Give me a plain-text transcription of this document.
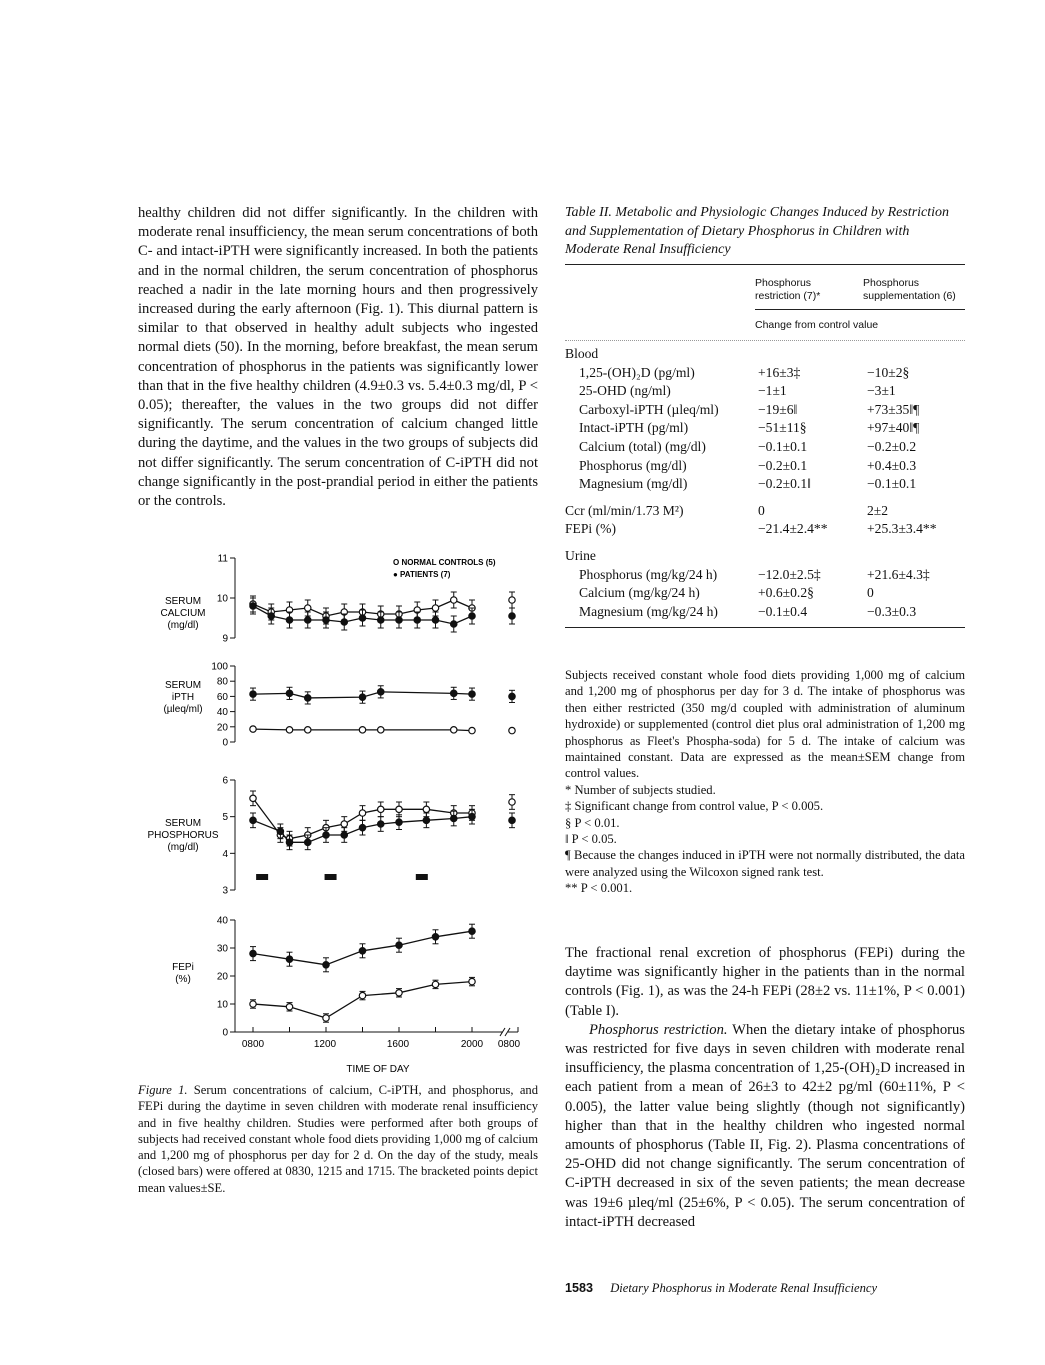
healthy children did not differ significantly. In the children with moderate renal insufficiency, the mean serum concentrations of both C- and intact-iPTH were significantly increased. In both the patients and in the normal children, the serum concentration of phosphorus reached a nadir in the late morning hours and then progressively increased during the early afternoon (Fig. 1). This diurnal pattern is similar to that observed in healthy adult subjects who ingested normal diets (50). In the morning, before breakfast, the mean serum concentration of phosphorus in the patients was significantly lower than that in the five healthy children (4.9±0.3 vs. 5.4±0.3 mg/dl, P < 0.05); thereafter, the values in the two groups did not differ significantly. The serum concentration of calcium changed little during the daytime, and the values in the two groups of subjects did not differ significantly. The serum concentration of C-iPTH did not change significantly in the post-prandial period in either the patients or the controls.
9
10
11
SERUM
CALCIUM
(mg/dl)
0
20
40
60
80
100
SERUM
iPTH
(µleq/ml)
3
4
5
6
SERUM
PHOSPHORUS
(mg/dl)
0
10
20
30
40
FEPi
(%)
O NORMAL CONTROLS (5)
● PATIENTS (7)
0800	1200	1600	2000 0800
TIME OF DAY

Figure 1. Serum concentrations of calcium, C-iPTH, and phosphorus, and FEPi during the daytime in seven children with moderate renal insufficiency and in five healthy children. Studies were performed after both groups of subjects had received constant whole food diets providing 1,000 mg of calcium and 1,200 mg of phosphorus per day for 2 d. On the day of the study, meals (closed bars) were offered at 0830, 1215 and 1715. The bracketed points depict mean values±SE.

Table II. Metabolic and Physiologic Changes Induced by Restriction and Supplementation of Dietary Phosphorus in Children with Moderate Renal Insufficiency

Phosphorus restriction (7)*
Phosphorus supplementation (6)
Change from control value
Blood
1,25-(OH)₂D (pg/ml)	+16±3‡	−10±2§
25-OHD (ng/ml)	−1±1	−3±1
Carboxyl-iPTH (µleq/ml)	−19±6‖	+73±35‖¶
Intact-iPTH (pg/ml)	−51±11§	+97±40‖¶
Calcium (total) (mg/dl)	−0.1±0.1	−0.2±0.2
Phosphorus (mg/dl)	−0.2±0.1	+0.4±0.3
Magnesium (mg/dl)	−0.2±0.1‖	−0.1±0.1
Ccr (ml/min/1.73 M²)	0	2±2
FEPi (%)	−21.4±2.4**	+25.3±3.4**
Urine
Phosphorus (mg/kg/24 h)	−12.0±2.5‡	+21.6±4.3‡
Calcium (mg/kg/24 h)	+0.6±0.2§	0
Magnesium (mg/kg/24 h)	−0.1±0.4	−0.3±0.3

Subjects received constant whole food diets providing 1,000 mg of calcium and 1,200 mg of phosphorus per day for 3 d. The intake of phosphorus was then either restricted (350 mg/d coupled with administration of aluminum hydroxide) or supplemented (control diet plus oral administration of 1,200 mg phosphorus as Fleet's Phospha-soda) for 5 d. The intake of calcium was maintained constant. Data are expressed as the mean±SEM change from control values.

* Number of subjects studied.

‡ Significant change from control value, P < 0.005.

§ P < 0.01.

‖ P < 0.05.

¶ Because the changes induced in iPTH were not normally distributed, the data were analyzed using the Wilcoxon signed rank test.

** P < 0.001.

The fractional renal excretion of phosphorus (FEPi) during the daytime was significantly higher in the patients than in the normal controls (Fig. 1), as was the 24-h FEPi (28±2 vs. 11±1%, P < 0.001) (Table I).

Phosphorus restriction. When the dietary intake of phosphorus was restricted for five days in seven children with moderate renal insufficiency, the plasma concentration of 1,25-(OH)₂D increased in each patient from a mean of 26±3 to 42±2 pg/ml (60±11%, P < 0.005), the latter value being slightly (though not significantly) higher than that in the healthy children who ingested normal amounts of phosphorus (Table II, Fig. 2). Plasma concentrations of 25-OHD did not change significantly. The serum concentration of C-iPTH decreased in six of the seven patients; the mean decrease was 19±6 µleq/ml (25±6%, P < 0.05). The serum concentration of intact-iPTH decreased

1583 Dietary Phosphorus in Moderate Renal Insufficiency
